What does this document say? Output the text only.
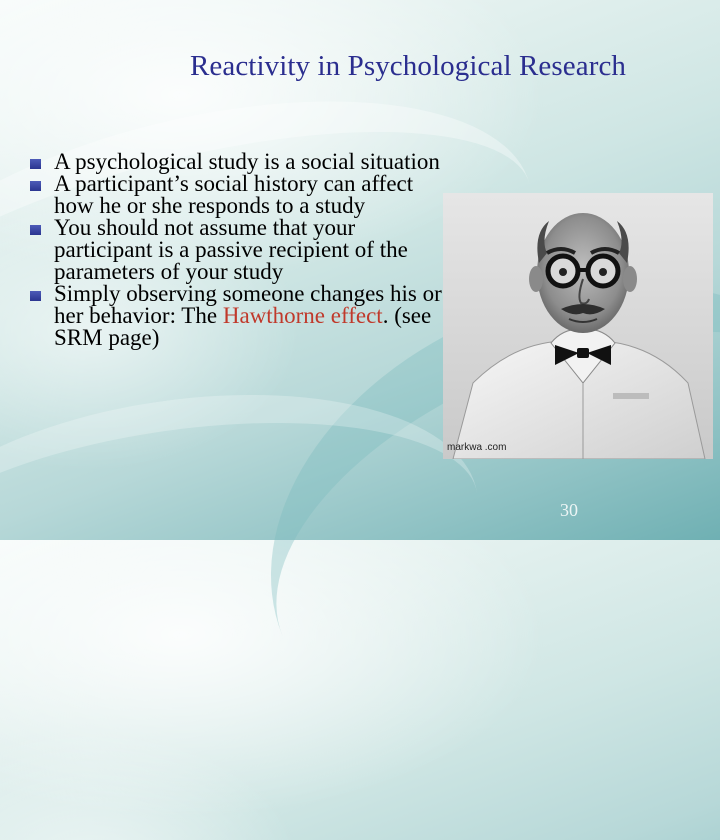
Reactivity in Psychological Research
A psychological study is a social situation
A participant’s social history can affect how he or she responds to a study
You should not assume that your participant is a passive recipient of the parameters of your study
Simply observing someone changes his or her behavior: The Hawthorne effect. (see SRM page)
markwa .com
30
